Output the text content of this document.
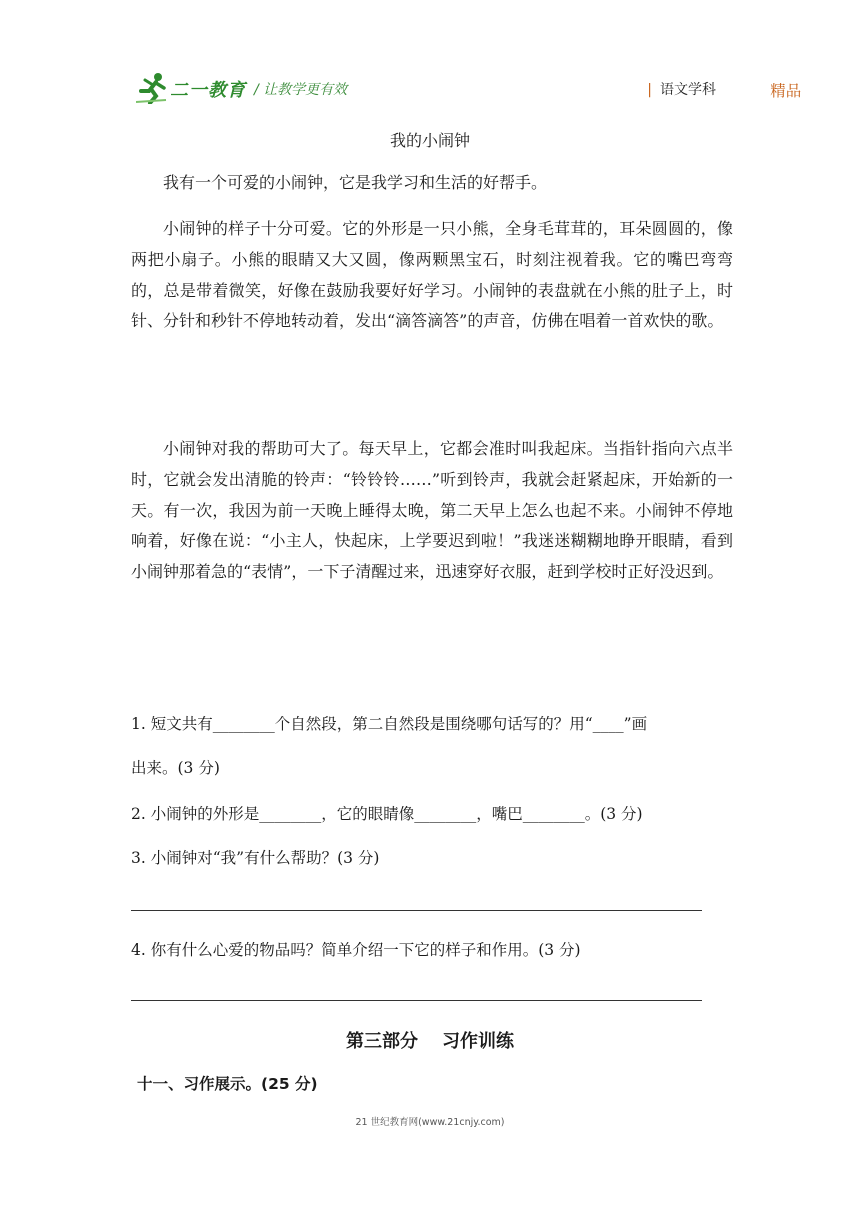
二一教育 / 让教学更有效	精品
| 语文学科
我的小闹钟

我有一个可爱的小闹钟，它是我学习和生活的好帮手。

小闹钟的样子十分可爱。它的外形是一只小熊，全身毛茸茸的，耳朵圆圆的，像两把小扇子。小熊的眼睛又大又圆，像两颗黑宝石，时刻注视着我。它的嘴巴弯弯的，总是带着微笑，好像在鼓励我要好好学习。小闹钟的表盘就在小熊的肚子上，时针、分针和秒针不停地转动着，发出“滴答滴答”的声音，仿佛在唱着一首欢快的歌。

小闹钟对我的帮助可大了。每天早上，它都会准时叫我起床。当指针指向六点半时，它就会发出清脆的铃声：“铃铃铃……”听到铃声，我就会赶紧起床，开始新的一天。有一次，我因为前一天晚上睡得太晚，第二天早上怎么也起不来。小闹钟不停地响着，好像在说：“小主人，快起床，上学要迟到啦！”我迷迷糊糊地睁开眼睛，看到小闹钟那着急的“表情”，一下子清醒过来，迅速穿好衣服，赶到学校时正好没迟到。

1. 短文共有________个自然段，第二自然段是围绕哪句话写的？用“____”画
出来。(3 分)
2. 小闹钟的外形是________，它的眼睛像________，嘴巴________。(3 分)
3. 小闹钟对“我”有什么帮助？(3 分)
4. 你有什么心爱的物品吗？简单介绍一下它的样子和作用。(3 分)
第三部分 习作训练
十一、习作展示。(25 分)
21 世纪教育网(www.21cnjy.com)
